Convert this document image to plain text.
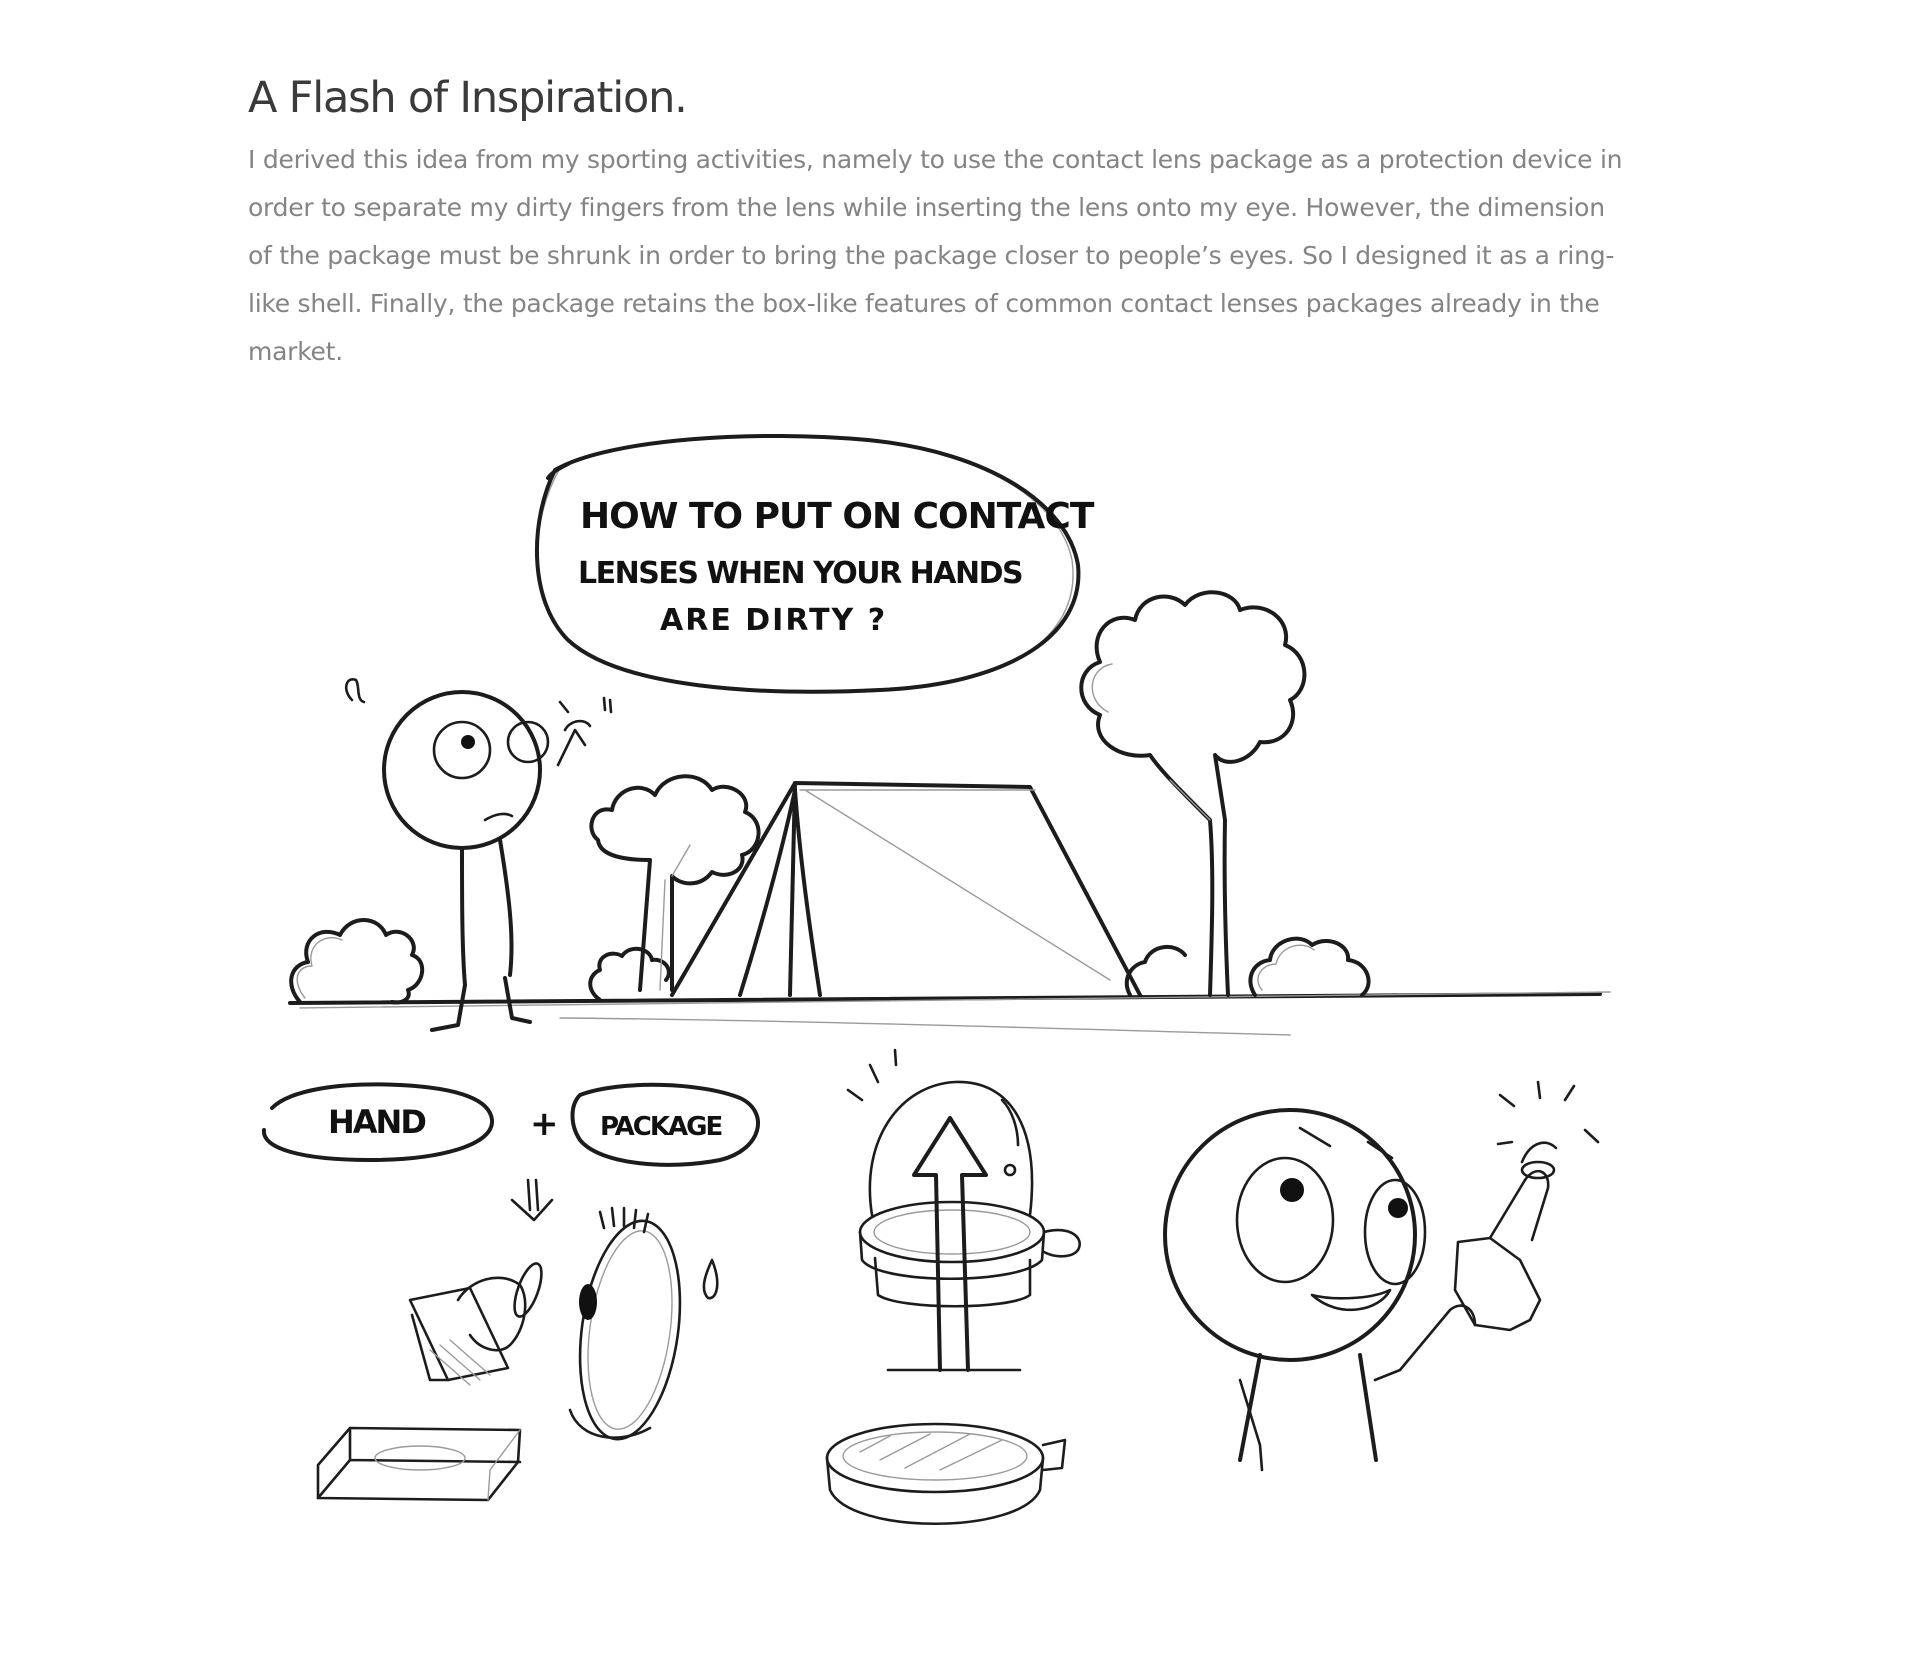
A Flash of Inspiration.

I derived this idea from my sporting activities, namely to use the contact lens package as a protection device in order to separate my dirty fingers from the lens while inserting the lens onto my eye. However, the dimension of the package must be shrunk in order to bring the package closer to people’s eyes. So I designed it as a ring-like shell. Finally, the package retains the box-like features of common contact lenses packages already in the market.

HOW TO PUT ON CONTACT
LENSES WHEN YOUR HANDS
ARE DIRTY ?
HAND	+ PACKAGE
